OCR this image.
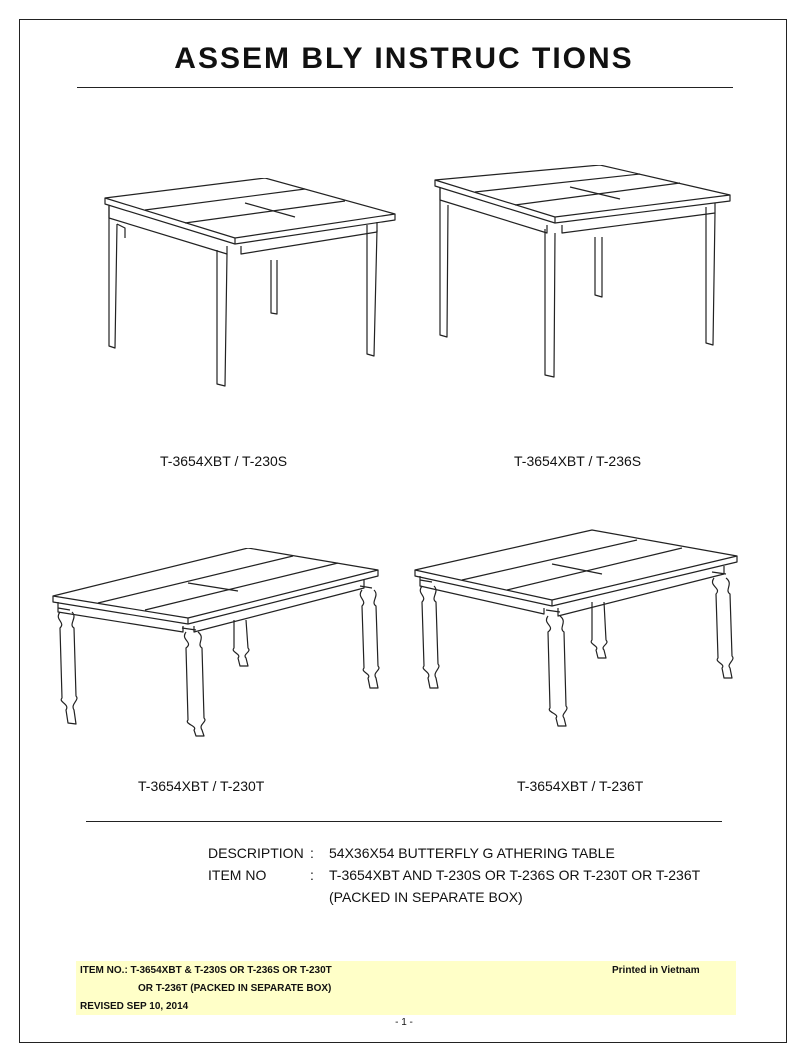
ASSEM BLY INSTRUC TIONS
T-3654XBT / T-230S	T-3654XBT / T-236S
T-3654XBT / T-230T	T-3654XBT / T-236T
DESCRIPTION :	54X36X54 BUTTERFLY G ATHERING TABLE
ITEM NO	:	T-3654XBT AND T-230S OR T-236S OR T-230T OR T-236T
(PACKED IN SEPARATE BOX)
ITEM NO.: T-3654XBT & T-230S OR T-236S OR T-230T
OR T-236T (PACKED IN SEPARATE BOX)
REVISED SEP 10, 2014
Printed in Vietnam
- 1 -
